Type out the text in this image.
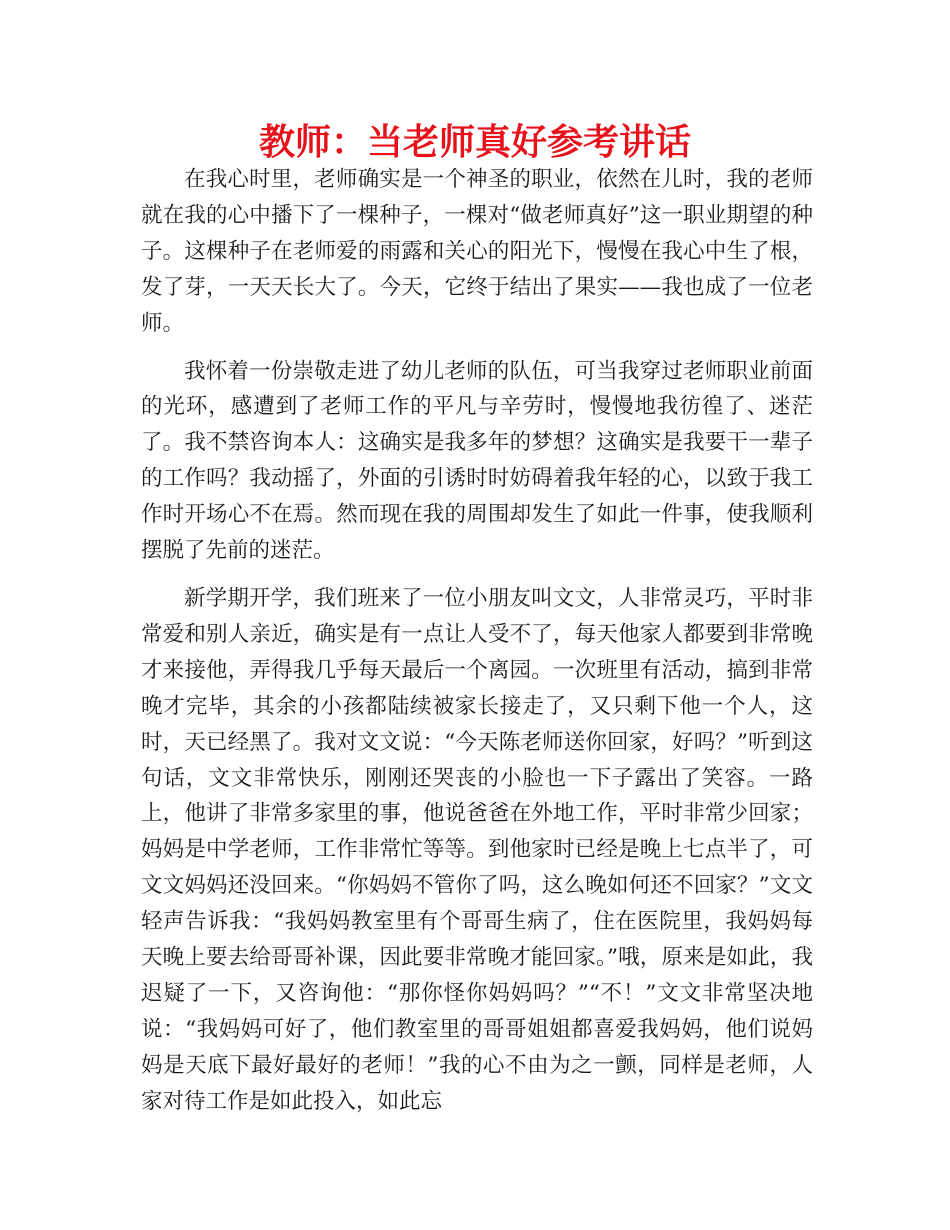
教师：当老师真好参考讲话

在我心时里，老师确实是一个神圣的职业，依然在儿时，我的老师就在我的心中播下了一棵种子，一棵对“做老师真好”这一职业期望的种子。这棵种子在老师爱的雨露和关心的阳光下，慢慢在我心中生了根，发了芽，一天天长大了。今天，它终于结出了果实——我也成了一位老师。

我怀着一份崇敬走进了幼儿老师的队伍，可当我穿过老师职业前面的光环，感遭到了老师工作的平凡与辛劳时，慢慢地我彷徨了、迷茫了。我不禁咨询本人：这确实是我多年的梦想？这确实是我要干一辈子的工作吗？我动摇了，外面的引诱时时妨碍着我年轻的心，以致于我工作时开场心不在焉。然而现在我的周围却发生了如此一件事，使我顺利摆脱了先前的迷茫。

新学期开学，我们班来了一位小朋友叫文文，人非常灵巧，平时非常爱和别人亲近，确实是有一点让人受不了，每天他家人都要到非常晚才来接他，弄得我几乎每天最后一个离园。一次班里有活动，搞到非常晚才完毕，其余的小孩都陆续被家长接走了，又只剩下他一个人，这时，天已经黑了。我对文文说：“今天陈老师送你回家，好吗？”听到这句话，文文非常快乐，刚刚还哭丧的小脸也一下子露出了笑容。一路上，他讲了非常多家里的事，他说爸爸在外地工作，平时非常少回家；妈妈是中学老师，工作非常忙等等。到他家时已经是晚上七点半了，可文文妈妈还没回来。“你妈妈不管你了吗，这么晚如何还不回家？”文文轻声告诉我：“我妈妈教室里有个哥哥生病了，住在医院里，我妈妈每天晚上要去给哥哥补课，因此要非常晚才能回家。”哦，原来是如此，我迟疑了一下，又咨询他：“那你怪你妈妈吗？”“不！”文文非常坚决地说：“我妈妈可好了，他们教室里的哥哥姐姐都喜爱我妈妈，他们说妈妈是天底下最好最好的老师！”我的心不由为之一颤，同样是老师，人家对待工作是如此投入，如此忘
